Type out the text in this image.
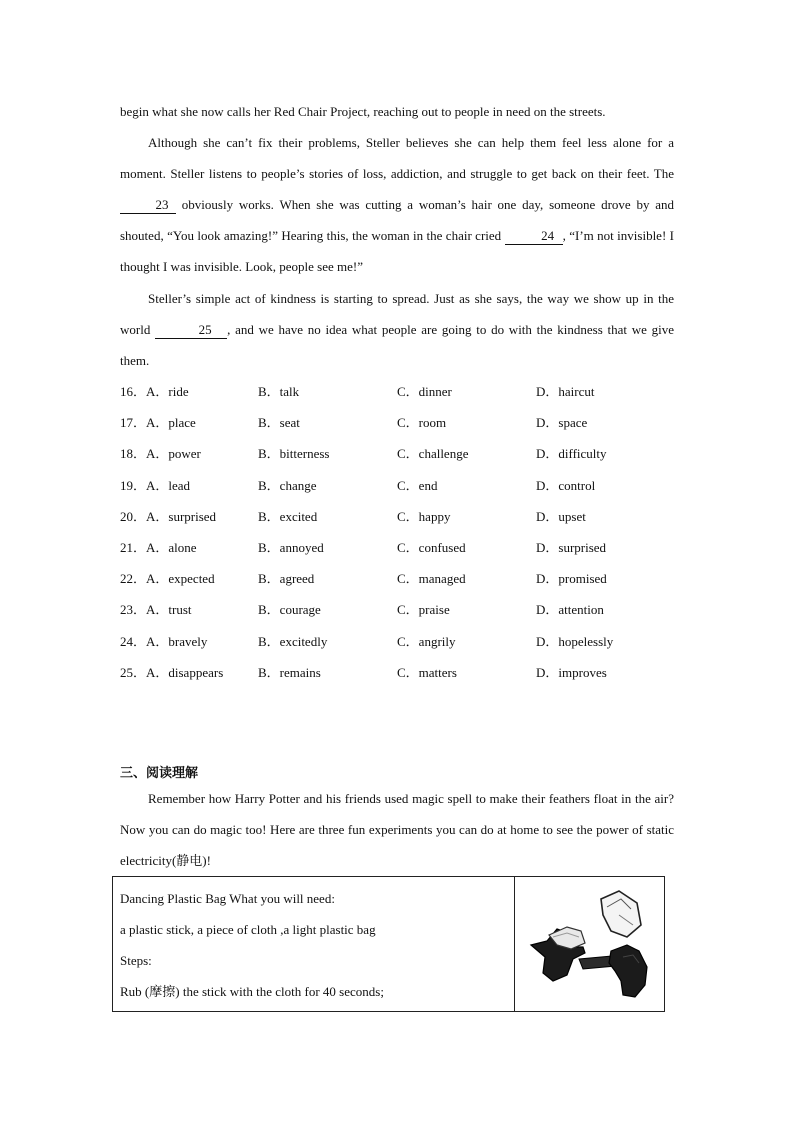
begin what she now calls her Red Chair Project, reaching out to people in need on the streets.
Although she can’t fix their problems, Steller believes she can help them feel less alone for a moment. Steller listens to people’s stories of loss, addiction, and struggle to get back on their feet. The 23 obviously works. When she was cutting a woman’s hair one day, someone drove by and shouted, “You look amazing!” Hearing this, the woman in the chair cried	24 , “I’m not invisible! I thought I was invisible. Look, people see me!”
Steller’s simple act of kindness is starting to spread. Just as she says, the way we show up in the world	25 , and we have no idea what people are going to do with the kindness that we give them.
16．A．ride	B．talk	C．dinner	D．haircut
17．A．place	B．seat	C．room	D．space
18．A．power	B．bitterness	C．challenge	D．difficulty
19．A．lead	B．change	C．end	D．control
20．A．surprised	B．excited	C．happy	D．upset
21．A．alone	B．annoyed	C．confused	D．surprised
22．A．expected	B．agreed	C．managed	D．promised
23．A．trust	B．courage	C．praise	D．attention
24．A．bravely	B．excitedly	C．angrily	D．hopelessly
25．A．disappears	B．remains	C．matters	D．improves
三、阅读理解
Remember how Harry Potter and his friends used magic spell to make their feathers float in the air? Now you can do magic too! Here are three fun experiments you can do at home to see the power of static electricity(静电)!
Dancing Plastic Bag What you will need:
a plastic stick, a piece of cloth ,a light plastic bag
Steps:
Rub (摩擦) the stick with the cloth for 40 seconds;
